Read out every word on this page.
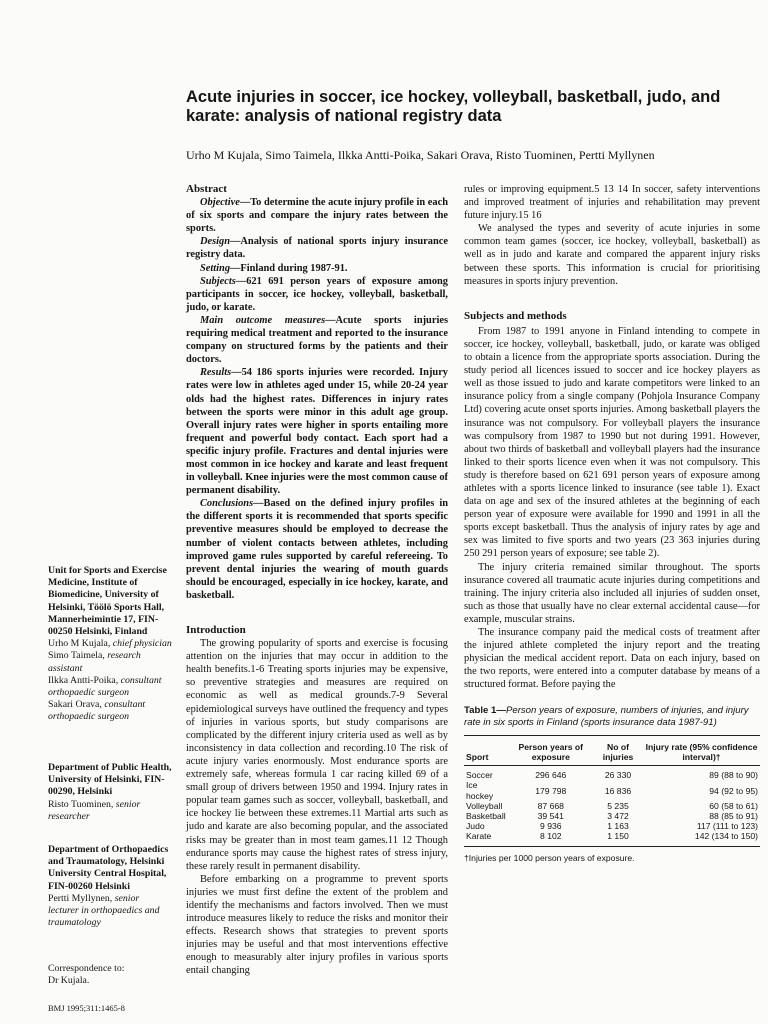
Acute injuries in soccer, ice hockey, volleyball, basketball, judo, and karate: analysis of national registry data

Urho M Kujala, Simo Taimela, Ilkka Antti-Poika, Sakari Orava, Risto Tuominen, Pertti Myllynen

Abstract

Objective—To determine the acute injury profile in each of six sports and compare the injury rates between the sports.

Design—Analysis of national sports injury insurance registry data.

Setting—Finland during 1987-91.

Subjects—621 691 person years of exposure among participants in soccer, ice hockey, volleyball, basketball, judo, or karate.

Main outcome measures—Acute sports injuries requiring medical treatment and reported to the insurance company on structured forms by the patients and their doctors.

Results—54 186 sports injuries were recorded. Injury rates were low in athletes aged under 15, while 20-24 year olds had the highest rates. Differences in injury rates between the sports were minor in this adult age group. Overall injury rates were higher in sports entailing more frequent and powerful body contact. Each sport had a specific injury profile. Fractures and dental injuries were most common in ice hockey and karate and least frequent in volleyball. Knee injuries were the most common cause of permanent disability.

Conclusions—Based on the defined injury profiles in the different sports it is recommended that sports specific preventive measures should be employed to decrease the number of violent contacts between athletes, including improved game rules supported by careful refereeing. To prevent dental injuries the wearing of mouth guards should be encouraged, especially in ice hockey, karate, and basketball.

Introduction

The growing popularity of sports and exercise is focusing attention on the injuries that may occur in addition to the health benefits.1-6 Treating sports injuries may be expensive, so preventive strategies and measures are required on economic as well as medical grounds.7-9 Several epidemiological surveys have outlined the frequency and types of injuries in various sports, but study comparisons are complicated by the different injury criteria used as well as by inconsistency in data collection and recording.10 The risk of acute injury varies enormously. Most endurance sports are extremely safe, whereas formula 1 car racing killed 69 of a small group of drivers between 1950 and 1994. Injury rates in popular team games such as soccer, volleyball, basketball, and ice hockey lie between these extremes.11 Martial arts such as judo and karate are also becoming popular, and the associated risks may be greater than in most team games.11 12 Though endurance sports may cause the highest rates of stress injury, these rarely result in permanent disability.

Before embarking on a programme to prevent sports injuries we must first define the extent of the problem and identify the mechanisms and factors involved. Then we must introduce measures likely to reduce the risks and monitor their effects. Research shows that strategies to prevent sports injuries may be useful and that most interventions effective enough to measurably alter injury profiles in various sports entail changing

rules or improving equipment.5 13 14 In soccer, safety interventions and improved treatment of injuries and rehabilitation may prevent future injury.15 16

We analysed the types and severity of acute injuries in some common team games (soccer, ice hockey, volleyball, basketball) as well as in judo and karate and compared the apparent injury risks between these sports. This information is crucial for prioritising measures in sports injury prevention.

Subjects and methods

From 1987 to 1991 anyone in Finland intending to compete in soccer, ice hockey, volleyball, basketball, judo, or karate was obliged to obtain a licence from the appropriate sports association. During the study period all licences issued to soccer and ice hockey players as well as those issued to judo and karate competitors were linked to an insurance policy from a single company (Pohjola Insurance Company Ltd) covering acute onset sports injuries. Among basketball players the insurance was not compulsory. For volleyball players the insurance was compulsory from 1987 to 1990 but not during 1991. However, about two thirds of basketball and volleyball players had the insurance linked to their sports licence even when it was not compulsory. This study is therefore based on 621 691 person years of exposure among athletes with a sports licence linked to insurance (see table 1). Exact data on age and sex of the insured athletes at the beginning of each person year of exposure were available for 1990 and 1991 in all the sports except basketball. Thus the analysis of injury rates by age and sex was limited to five sports and two years (23 363 injuries during 250 291 person years of exposure; see table 2).

The injury criteria remained similar throughout. The sports insurance covered all traumatic acute injuries during competitions and training. The injury criteria also included all injuries of sudden onset, such as those that usually have no clear external accidental cause—for example, muscular strains.

The insurance company paid the medical costs of treatment after the injured athlete completed the injury report and the treating physician the medical accident report. Data on each injury, based on the two reports, were entered into a computer database by means of a structured format. Before paying the

Table 1—Person years of exposure, numbers of injuries, and injury rate in six sports in Finland (sports insurance data 1987-91)

Sport	Person years of exposure	No of injuries	Injury rate (95% confidence interval)†
Soccer	296 646	26 330	89 (88 to 90)
Ice hockey	179 798	16 836	94 (92 to 95)
Volleyball	87 668	5 235	60 (58 to 61)
Basketball	39 541	3 472	88 (85 to 91)
Judo	9 936	1 163	117 (111 to 123)
Karate	8 102	1 150	142 (134 to 150)

†Injuries per 1000 person years of exposure.

Unit for Sports and Exercise Medicine, Institute of Biomedicine, University of Helsinki, Töölö Sports Hall, Mannerheimintie 17, FIN-00250 Helsinki, Finland

Urho M Kujala, chief physician

Simo Taimela, research assistant

Ilkka Antti-Poika, consultant orthopaedic surgeon

Sakari Orava, consultant orthopaedic surgeon

Department of Public Health, University of Helsinki, FIN-00290, Helsinki

Risto Tuominen, senior researcher

Department of Orthopaedics and Traumatology, Helsinki University Central Hospital, FIN-00260 Helsinki

Pertti Myllynen, senior lecturer in orthopaedics and traumatology

Correspondence to:

Dr Kujala.

BMJ 1995;311:1465-8
